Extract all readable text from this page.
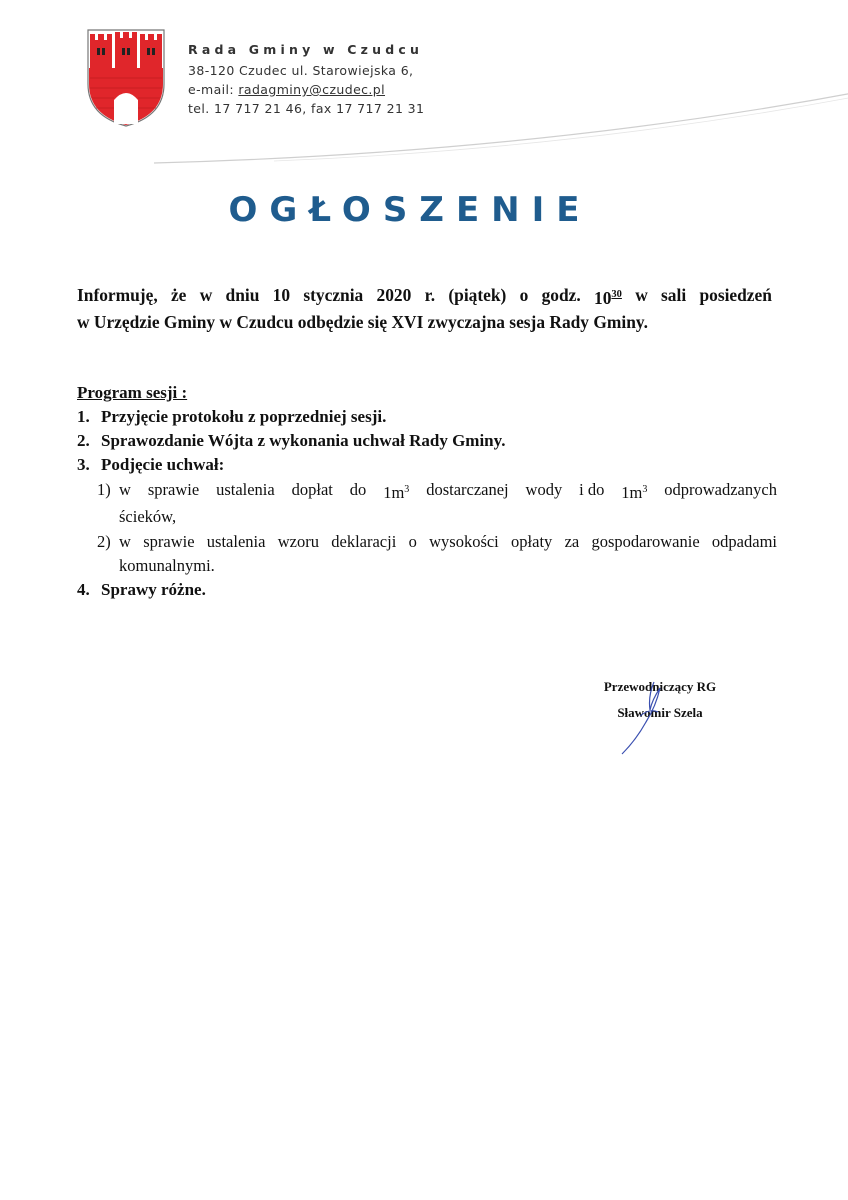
Rada Gminy w Czudcu
38-120 Czudec ul. Starowiejska 6,
e-mail: radagminy@czudec.pl
tel. 17 717 21 46, fax 17 717 21 31
OGŁOSZENIE
Informuję, że w dniu 10 stycznia 2020 r. (piątek) o godz. $10^{30}$ w sali posiedzeń
w Urzędzie Gminy w Czudcu odbędzie się XVI zwyczajna sesja Rady Gminy.
Program sesji :
1. Przyjęcie protokołu z poprzedniej sesji.
2. Sprawozdanie Wójta z wykonania uchwał Rady Gminy.
3. Podjęcie uchwał:
1) w sprawie ustalenia dopłat do $1m^3$ dostarczanej wody i do $1m^3$ odprowadzanych
ścieków,
2) w sprawie ustalenia wzoru deklaracji o wysokości opłaty za gospodarowanie odpadami
komunalnymi.
4. Sprawy różne.
Przewodniczący RG
Sławomir Szela
